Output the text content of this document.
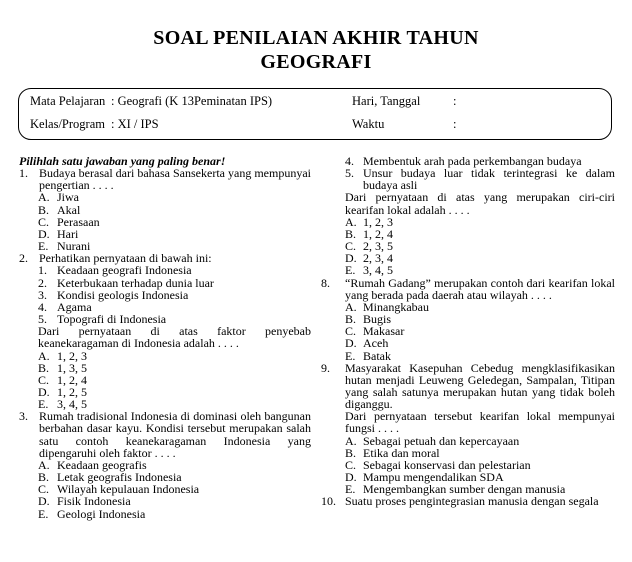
SOAL PENILAIAN AKHIR TAHUN
GEOGRAFI
Mata Pelajaran : Geografi (K 13Peminatan IPS)	Hari, Tanggal	:
Kelas/Program : XI / IPS	Waktu	:
Pilihlah satu jawaban yang paling benar!
1. Budaya berasal dari bahasa Sansekerta yang mempunyai pengertian . . . .
A. Jiwa
B. Akal
C. Perasaan
D. Hari
E. Nurani
2. Perhatikan pernyataan di bawah ini:
1. Keadaan geografi Indonesia
2. Keterbukaan terhadap dunia luar
3. Kondisi geologis Indonesia
4. Agama
5. Topografi di Indonesia
Dari pernyataan di atas faktor penyebab keanekaragaman di Indonesia adalah . . . .
A. 1, 2, 3
B. 1, 3, 5
C. 1, 2, 4
D. 1, 2, 5
E. 3, 4, 5
3. Rumah tradisional Indonesia di dominasi oleh bangunan berbahan dasar kayu. Kondisi tersebut merupakan salah satu contoh keanekaragaman Indonesia yang dipengaruhi oleh faktor . . . .
A. Keadaan geografis
B. Letak geografis Indonesia
C. Wilayah kepulauan Indonesia
D. Fisik Indonesia
E. Geologi Indonesia
4. Membentuk arah pada perkembangan budaya
5. Unsur budaya luar tidak terintegrasi ke dalam budaya asli
Dari pernyataan di atas yang merupakan ciri-ciri kearifan lokal adalah . . . .
A. 1, 2, 3
B. 1, 2, 4
C. 2, 3, 5
D. 2, 3, 4
E. 3, 4, 5
8. “Rumah Gadang” merupakan contoh dari kearifan lokal yang berada pada daerah atau wilayah . . . .
A. Minangkabau
B. Bugis
C. Makasar
D. Aceh
E. Batak
9. Masyarakat Kasepuhan Cebedug mengklasifikasikan hutan menjadi Leuweng Geledegan, Sampalan, Titipan yang salah satunya merupakan hutan yang tidak boleh diganggu.
Dari pernyataan tersebut kearifan lokal mempunyai fungsi . . . .
A. Sebagai petuah dan kepercayaan
B. Etika dan moral
C. Sebagai konservasi dan pelestarian
D. Mampu mengendalikan SDA
E. Mengembangkan sumber dengan manusia
10. Suatu proses pengintegrasian manusia dengan segala
